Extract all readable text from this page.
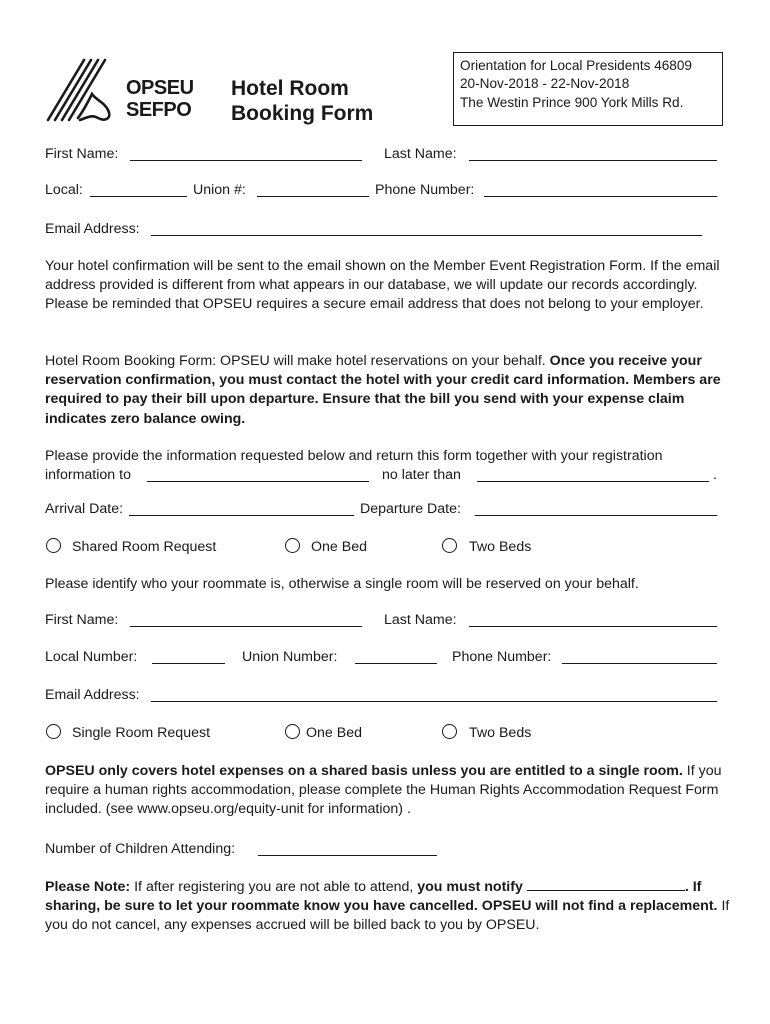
OPSEU
SEFPO
Hotel Room
Booking Form
Orientation for Local Presidents 46809
20-Nov-2018 - 22-Nov-2018
The Westin Prince 900 York Mills Rd.
First Name:	Last Name:
Local:	Union #:	Phone Number:
Email Address:
Your hotel confirmation will be sent to the email shown on the Member Event Registration Form. If the email address provided is different from what appears in our database, we will update our records accordingly. Please be reminded that OPSEU requires a secure email address that does not belong to your employer.
Hotel Room Booking Form: OPSEU will make hotel reservations on your behalf. Once you receive your reservation confirmation, you must contact the hotel with your credit card information. Members are required to pay their bill upon departure. Ensure that the bill you send with your expense claim indicates zero balance owing.
Please provide the information requested below and return this form together with your registration
information to	no later than	.
Arrival Date:	Departure Date:
Shared Room Request	One Bed	Two Beds
Please identify who your roommate is, otherwise a single room will be reserved on your behalf.
First Name:	Last Name:
Local Number:	Union Number:	Phone Number:
Email Address:
Single Room Request	One Bed	Two Beds
OPSEU only covers hotel expenses on a shared basis unless you are entitled to a single room. If you require a human rights accommodation, please complete the Human Rights Accommodation Request Form included. (see www.opseu.org/equity-unit for information) .
Number of Children Attending:
Please Note: If after registering you are not able to attend, you must notify	. If sharing, be sure to let your roommate know you have cancelled. OPSEU will not find a replacement. If you do not cancel, any expenses accrued will be billed back to you by OPSEU.
